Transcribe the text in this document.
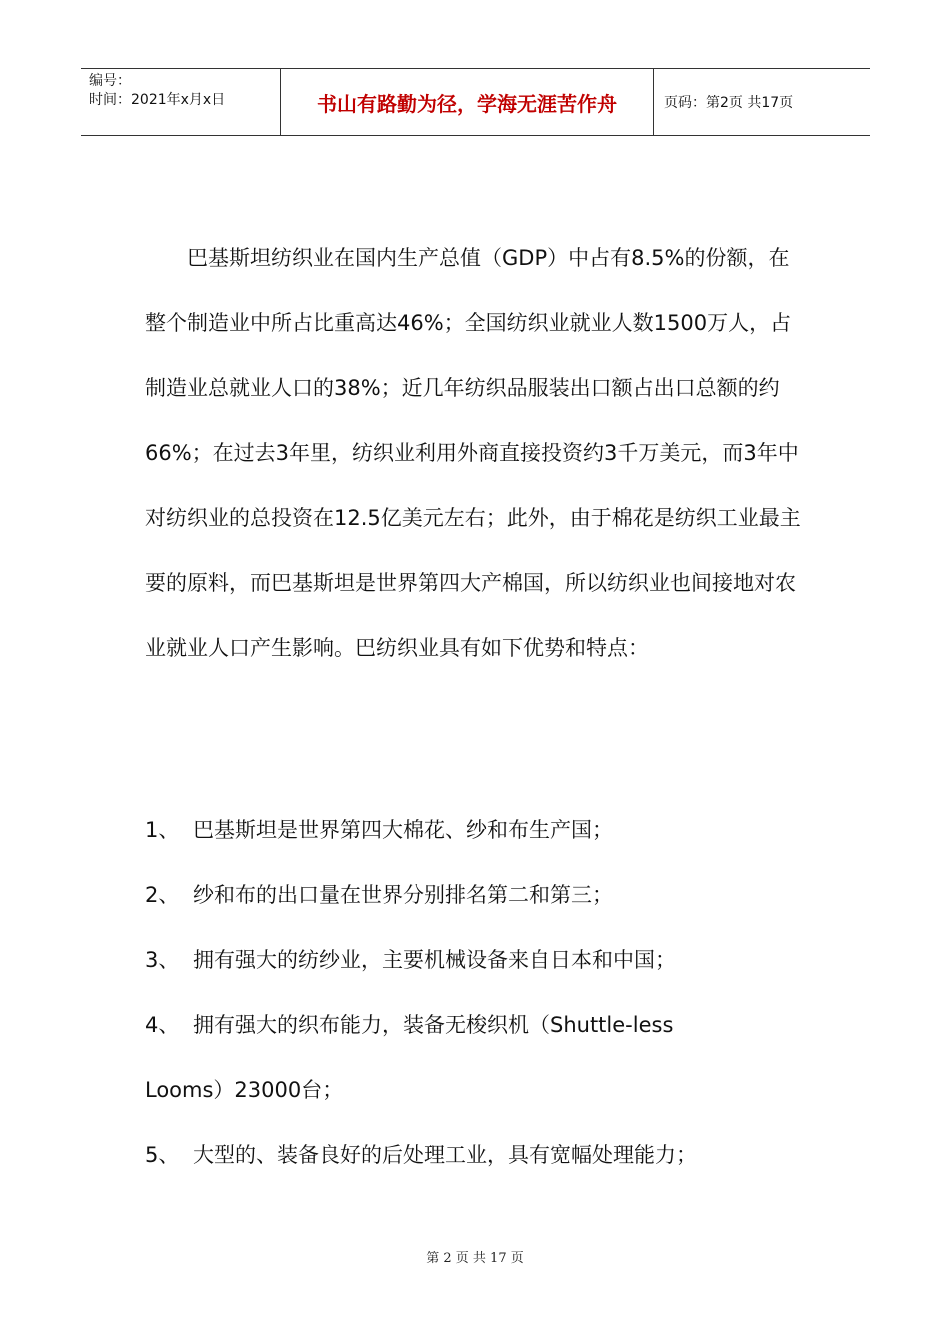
编号：
时间：2021年x月x日	书山有路勤为径，学海无涯苦作舟	页码：第2页 共17页

巴基斯坦纺织业在国内生产总值（GDP）中占有8.5%的份额，在整个制造业中所占比重高达46%；全国纺织业就业人数1500万人，占制造业总就业人口的38%；近几年纺织品服装出口额占出口总额的约66%；在过去3年里，纺织业利用外商直接投资约3千万美元，而3年中对纺织业的总投资在12.5亿美元左右；此外，由于棉花是纺织工业最主要的原料，而巴基斯坦是世界第四大产棉国，所以纺织业也间接地对农业就业人口产生影响。巴纺织业具有如下优势和特点：

1、 巴基斯坦是世界第四大棉花、纱和布生产国；
2、 纱和布的出口量在世界分别排名第二和第三；
3、 拥有强大的纺纱业，主要机械设备来自日本和中国；
4、 拥有强大的织布能力，装备无梭织机（Shuttle-less
Looms）23000台；
5、 大型的、装备良好的后处理工业，具有宽幅处理能力；
第 2 页 共 17 页
